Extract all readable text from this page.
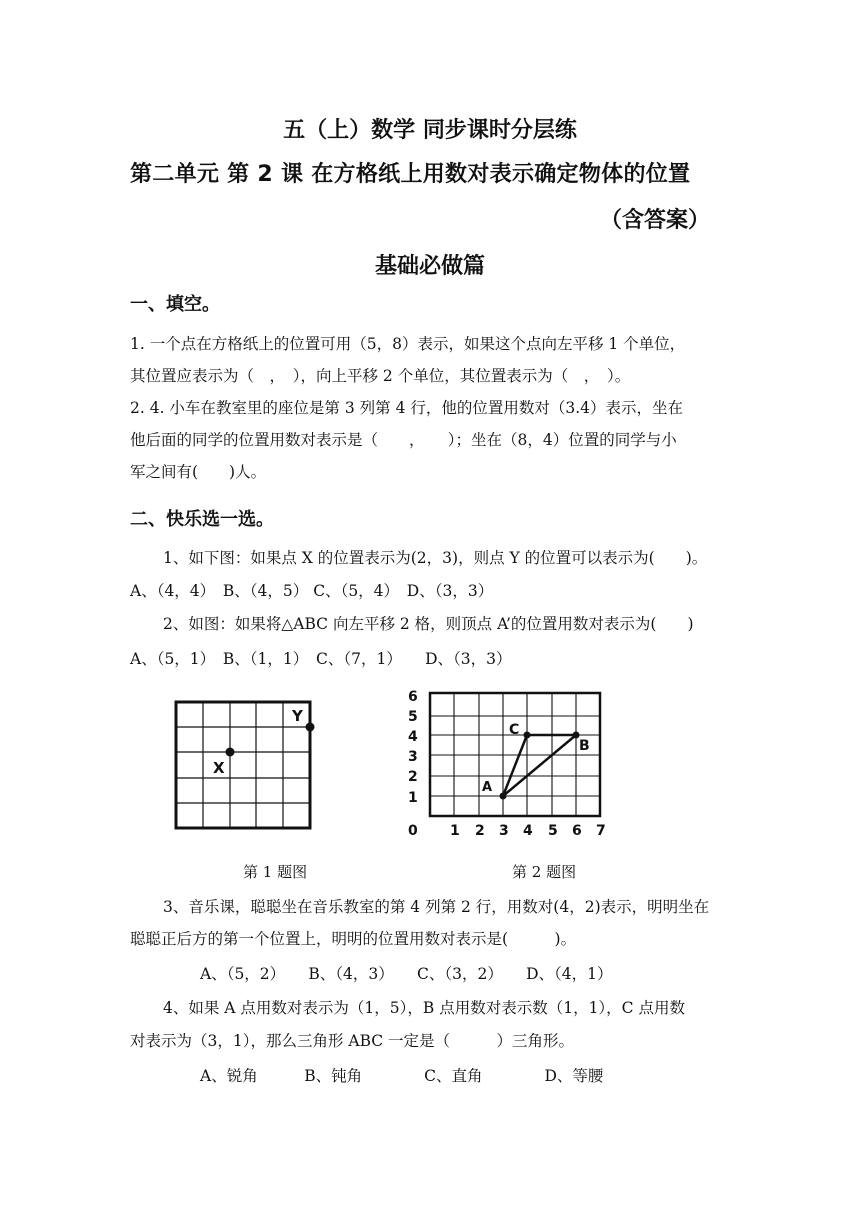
五（上）数学 同步课时分层练
第二单元 第 2 课 在方格纸上用数对表示确定物体的位置
（含答案）
基础必做篇
一、填空。
1. 一个点在方格纸上的位置可用（5，8）表示，如果这个点向左平移 1 个单位，
其位置应表示为（　，　），向上平移 2 个单位，其位置表示为（　，　）。
2. 4. 小车在教室里的座位是第 3 列第 4 行，他的位置用数对（3.4）表示，坐在
他后面的同学的位置用数对表示是（　　，　　）；坐在（8，4）位置的同学与小
军之间有(　　)人。
二、快乐选一选。
1、如下图：如果点 X 的位置表示为(2，3)，则点 Y 的位置可以表示为(　　)。
A、（4，4）　B、（4，5） C、（5，4）　D、（3，3）
2、如图：如果将△ABC 向左平移 2 格，则顶点 A’的位置用数对表示为(　　)
A、（5，1）　B、（1，1）　C、（7，1）　　D、（3，3）
X
Y
6
5
4
3
2
1
0 1 2 3 4 5 6 7
A
C
B
第 1 题图	第 2 题图
3、音乐课，聪聪坐在音乐教室的第 4 列第 2 行，用数对(4，2)表示，明明坐在
聪聪正后方的第一个位置上，明明的位置用数对表示是(　　　)。
A、（5，2）　　B、（4，3）　　C、（3，2）　　D、（4，1）
4、如果 A 点用数对表示为（1，5），B 点用数对表示数（1，1），C 点用数
对表示为（3，1），那么三角形 ABC 一定是（　　　）三角形。
A、锐角　　　B、钝角　　　　C、直角　　　　D、等腰
